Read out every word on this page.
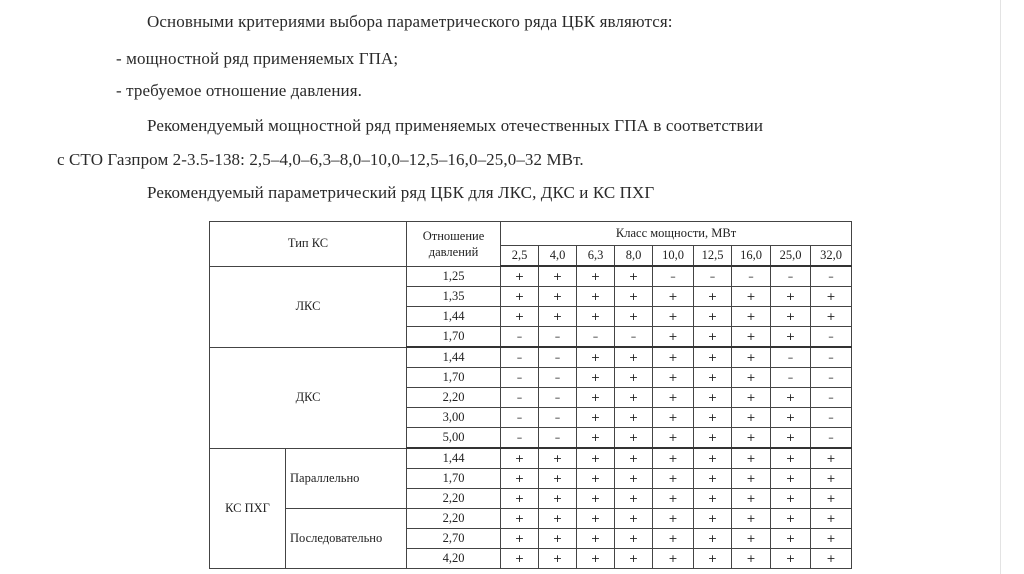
Основными критериями выбора параметрического ряда ЦБК являются:
- мощностной ряд применяемых ГПА;
- требуемое отношение давления.
Рекомендуемый мощностной ряд применяемых отечественных ГПА в соответствии
с СТО Газпром 2-3.5-138: 2,5–4,0–6,3–8,0–10,0–12,5–16,0–25,0–32 МВт.
Рекомендуемый параметрический ряд ЦБК для ЛКС, ДКС и КС ПХГ
Тип КС		Отношение давлений	Класс мощности, МВт								
			2,5	4,0	6,3	8,0	10,0	12,5	16,0	25,0	32,0
ЛКС		1,25	+	+	+	+	–	–	–	–	–
		1,35	+	+	+	+	+	+	+	+	+
		1,44	+	+	+	+	+	+	+	+	+
		1,70	–	–	–	–	+	+	+	+	–
ДКС		1,44	–	–	+	+	+	+	+	–	–
		1,70	–	–	+	+	+	+	+	–	–
		2,20	–	–	+	+	+	+	+	+	–
		3,00	–	–	+	+	+	+	+	+	–
		5,00	–	–	+	+	+	+	+	+	–
КС ПХГ	Параллельно	1,44	+	+	+	+	+	+	+	+	+
		1,70	+	+	+	+	+	+	+	+	+
		2,20	+	+	+	+	+	+	+	+	+
	Последовательно	2,20	+	+	+	+	+	+	+	+	+
		2,70	+	+	+	+	+	+	+	+	+
		4,20	+	+	+	+	+	+	+	+	+
